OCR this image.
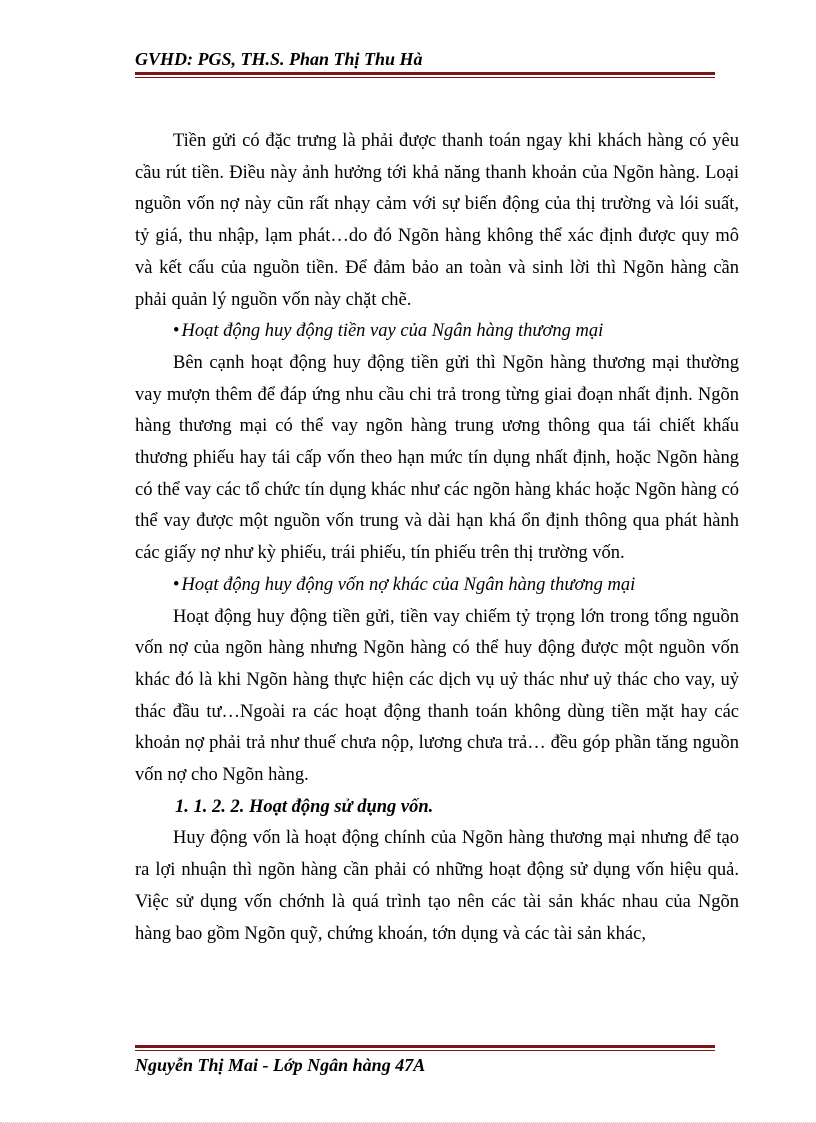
GVHD: PGS, TH.S. Phan Thị Thu Hà

Tiền gửi có đặc trưng là phải được thanh toán ngay khi khách hàng có yêu cầu rút tiền. Điều này ảnh hưởng tới khả năng thanh khoản của Ngõn hàng. Loại nguồn vốn nợ này cũn rất nhạy cảm với sự biến động của thị trường và lói suất, tỷ giá, thu nhập, lạm phát…do đó Ngõn hàng không thể xác định được quy mô và kết cấu của nguồn tiền. Để đảm bảo an toàn và sinh lời thì Ngõn hàng cần phải quản lý nguồn vốn này chặt chẽ.

• Hoạt động huy động tiền vay của Ngân hàng thương mại

Bên cạnh hoạt động huy động tiền gửi thì Ngõn hàng thương mại thường vay mượn thêm để đáp ứng nhu cầu chi trả trong từng giai đoạn nhất định. Ngõn hàng thương mại có thể vay ngõn hàng trung ương thông qua tái chiết khấu thương phiếu hay tái cấp vốn theo hạn mức tín dụng nhất định, hoặc Ngõn hàng có thể vay các tổ chức tín dụng khác như các ngõn hàng khác hoặc Ngõn hàng có thể vay được một nguồn vốn trung và dài hạn khá ổn định thông qua phát hành các giấy nợ như kỳ phiếu, trái phiếu, tín phiếu trên thị trường vốn.

• Hoạt động huy động vốn nợ khác của Ngân hàng thương mại

Hoạt động huy động tiền gửi, tiền vay chiếm tỷ trọng lớn trong tổng nguồn vốn nợ của ngõn hàng nhưng Ngõn hàng có thể huy động được một nguồn vốn khác đó là khi Ngõn hàng thực hiện các dịch vụ uỷ thác như uỷ thác cho vay, uỷ thác đầu tư…Ngoài ra các hoạt động thanh toán không dùng tiền mặt hay các khoản nợ phải trả như thuế chưa nộp, lương chưa trả… đều góp phần tăng nguồn vốn nợ cho Ngõn hàng.

1. 1. 2. 2. Hoạt động sử dụng vốn.

Huy động vốn là hoạt động chính của Ngõn hàng thương mại nhưng để tạo ra lợi nhuận thì ngõn hàng cần phải có những hoạt động sử dụng vốn hiệu quả. Việc sử dụng vốn chớnh là quá trình tạo nên các tài sản khác nhau của Ngõn hàng bao gồm Ngõn quỹ, chứng khoán, tớn dụng và các tài sản khác,

Nguyễn Thị Mai - Lớp Ngân hàng 47A
